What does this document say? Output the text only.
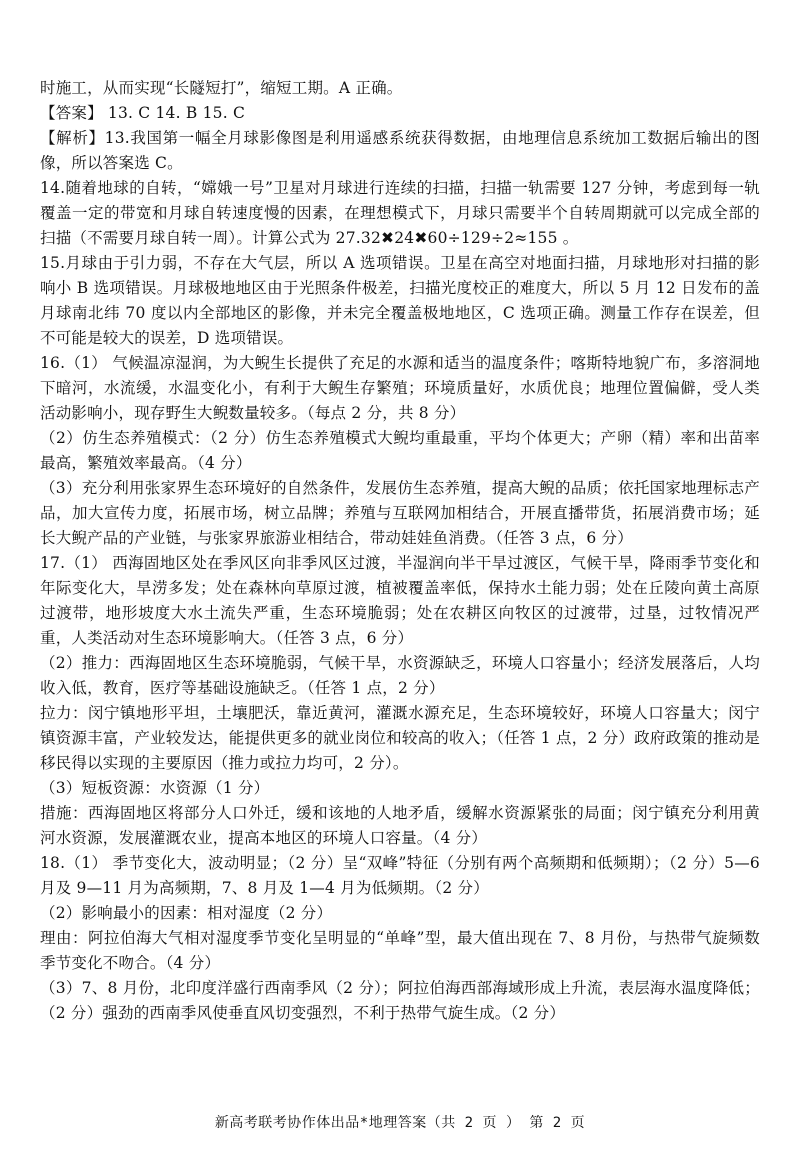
时施工，从而实现“长隧短打”，缩短工期。A 正确。

【答案】 13. C 14. B 15. C

【解析】13.我国第一幅全月球影像图是利用遥感系统获得数据，由地理信息系统加工数据后输出的图像，所以答案选 C。

14.随着地球的自转，“嫦娥一号”卫星对月球进行连续的扫描，扫描一轨需要 127 分钟，考虑到每一轨覆盖一定的带宽和月球自转速度慢的因素，在理想模式下，月球只需要半个自转周期就可以完成全部的扫描（不需要月球自转一周）。计算公式为 27.32✖24✖60÷129÷2≈155 。

15.月球由于引力弱，不存在大气层，所以 A 选项错误。卫星在高空对地面扫描，月球地形对扫描的影响小 B 选项错误。月球极地地区由于光照条件极差，扫描光度校正的难度大，所以 5 月 12 日发布的盖月球南北纬 70 度以内全部地区的影像，并未完全覆盖极地地区，C 选项正确。测量工作存在误差，但不可能是较大的误差，D 选项错误。

16.（1） 气候温凉湿润，为大鲵生长提供了充足的水源和适当的温度条件；喀斯特地貌广布，多溶洞地下暗河，水流缓，水温变化小，有利于大鲵生存繁殖；环境质量好，水质优良；地理位置偏僻，受人类活动影响小，现存野生大鲵数量较多。（每点 2 分，共 8 分）

（2）仿生态养殖模式：（2 分）仿生态养殖模式大鲵均重最重，平均个体更大；产卵（精）率和出苗率最高，繁殖效率最高。（4 分）

（3）充分利用张家界生态环境好的自然条件，发展仿生态养殖，提高大鲵的品质；依托国家地理标志产品，加大宣传力度，拓展市场，树立品牌；养殖与互联网加相结合，开展直播带货，拓展消费市场；延长大鲵产品的产业链，与张家界旅游业相结合，带动娃娃鱼消费。（任答 3 点，6 分）

17.（1） 西海固地区处在季风区向非季风区过渡，半湿润向半干旱过渡区，气候干旱，降雨季节变化和年际变化大，旱涝多发；处在森林向草原过渡，植被覆盖率低，保持水土能力弱；处在丘陵向黄土高原过渡带，地形坡度大水土流失严重，生态环境脆弱；处在农耕区向牧区的过渡带，过垦，过牧情况严重，人类活动对生态环境影响大。（任答 3 点，6 分）

（2）推力：西海固地区生态环境脆弱，气候干旱，水资源缺乏，环境人口容量小；经济发展落后，人均收入低，教育，医疗等基础设施缺乏。（任答 1 点，2 分）

拉力：闵宁镇地形平坦，土壤肥沃，靠近黄河，灌溉水源充足，生态环境较好，环境人口容量大；闵宁镇资源丰富，产业较发达，能提供更多的就业岗位和较高的收入；（任答 1 点，2 分）政府政策的推动是移民得以实现的主要原因（推力或拉力均可，2 分）。

（3）短板资源：水资源（1 分）

措施：西海固地区将部分人口外迁，缓和该地的人地矛盾，缓解水资源紧张的局面；闵宁镇充分利用黄河水资源，发展灌溉农业，提高本地区的环境人口容量。（4 分）

18.（1） 季节变化大，波动明显；（2 分）呈“双峰”特征（分别有两个高频期和低频期）；（2 分）5—6 月及 9—11 月为高频期，7、8 月及 1—4 月为低频期。（2 分）

（2）影响最小的因素：相对湿度（2 分）

理由：阿拉伯海大气相对湿度季节变化呈明显的“单峰”型，最大值出现在 7、8 月份，与热带气旋频数季节变化不吻合。（4 分）

（3）7、8 月份，北印度洋盛行西南季风（2 分）；阿拉伯海西部海域形成上升流，表层海水温度降低；（2 分）强劲的西南季风使垂直风切变强烈，不利于热带气旋生成。（2 分）

新高考联考协作体出品*地理答案（共 2 页 ） 第 2 页
